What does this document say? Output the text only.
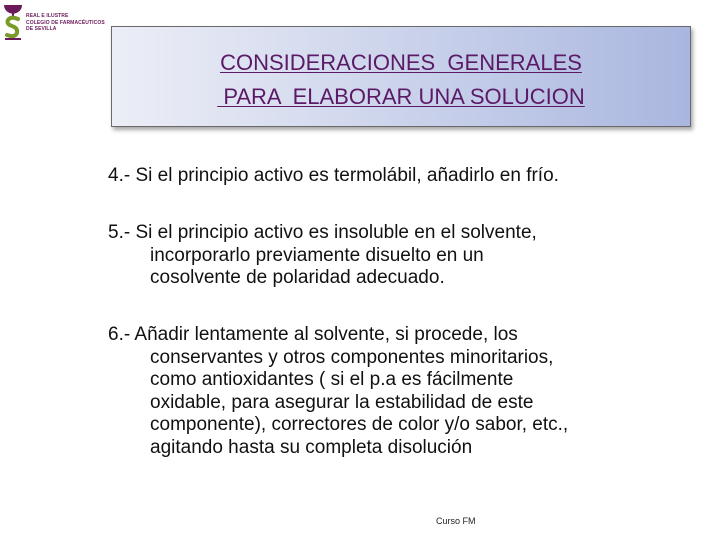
REAL E ILUSTRE
COLEGIO DE FARMACÉUTICOS
DE SEVILLA
CONSIDERACIONES  GENERALES
PARA  ELABORAR UNA SOLUCION
4.- Si el principio activo es termolábil, añadirlo en frío.
5.- Si el principio activo es insoluble en el solvente,
incorporarlo previamente disuelto en un
cosolvente de polaridad adecuado.
6.- Añadir lentamente al solvente, si procede, los
conservantes y otros componentes minoritarios,
como antioxidantes ( si el p.a es fácilmente
oxidable, para asegurar la estabilidad de este
componente), correctores de color y/o sabor, etc.,
agitando hasta su completa disolución
Curso FM
